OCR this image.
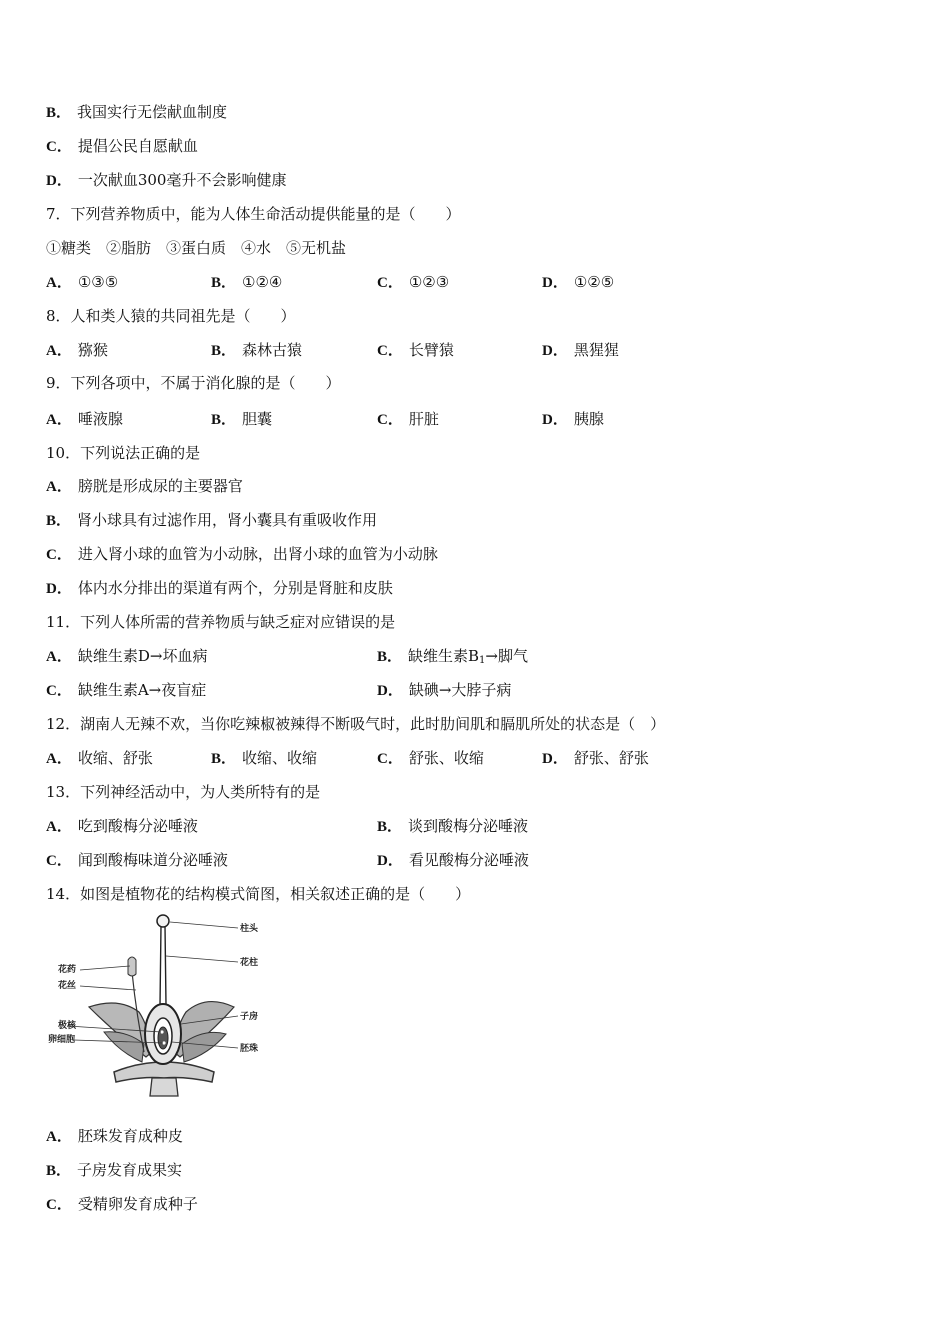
B． 我国实行无偿献血制度
C． 提倡公民自愿献血
D． 一次献血300毫升不会影响健康
7．下列营养物质中，能为人体生命活动提供能量的是（　　）
①糖类　②脂肪　③蛋白质　④水　⑤无机盐
A． ①③⑤	B． ①②④	C． ①②③	D． ①②⑤
8．人和类人猿的共同祖先是（　　）
A． 猕猴	B． 森林古猿	C． 长臂猿	D． 黑猩猩
9．下列各项中，不属于消化腺的是（　　）
A． 唾液腺	B． 胆囊	C． 肝脏	D． 胰腺
10．下列说法正确的是
A． 膀胱是形成尿的主要器官
B． 肾小球具有过滤作用，肾小囊具有重吸收作用
C． 进入肾小球的血管为小动脉，出肾小球的血管为小动脉
D． 体内水分排出的渠道有两个，分别是肾脏和皮肤
11．下列人体所需的营养物质与缺乏症对应错误的是
A． 缺维生素D→坏血病	B． 缺维生素$B_1\to$脚气
C． 缺维生素A→夜盲症	D． 缺碘→大脖子病
12．湖南人无辣不欢，当你吃辣椒被辣得不断吸气时，此时肋间肌和膈肌所处的状态是（　）
A． 收缩、舒张	B． 收缩、收缩	C． 舒张、收缩	D． 舒张、舒张
13．下列神经活动中，为人类所特有的是
A． 吃到酸梅分泌唾液	B． 谈到酸梅分泌唾液
C． 闻到酸梅味道分泌唾液	D． 看见酸梅分泌唾液
14．如图是植物花的结构模式简图，相关叙述正确的是（　　）
柱头
花柱
花药
花丝
子房
极核
卵细胞
胚珠
A． 胚珠发育成种皮
B． 子房发育成果实
C． 受精卵发育成种子
